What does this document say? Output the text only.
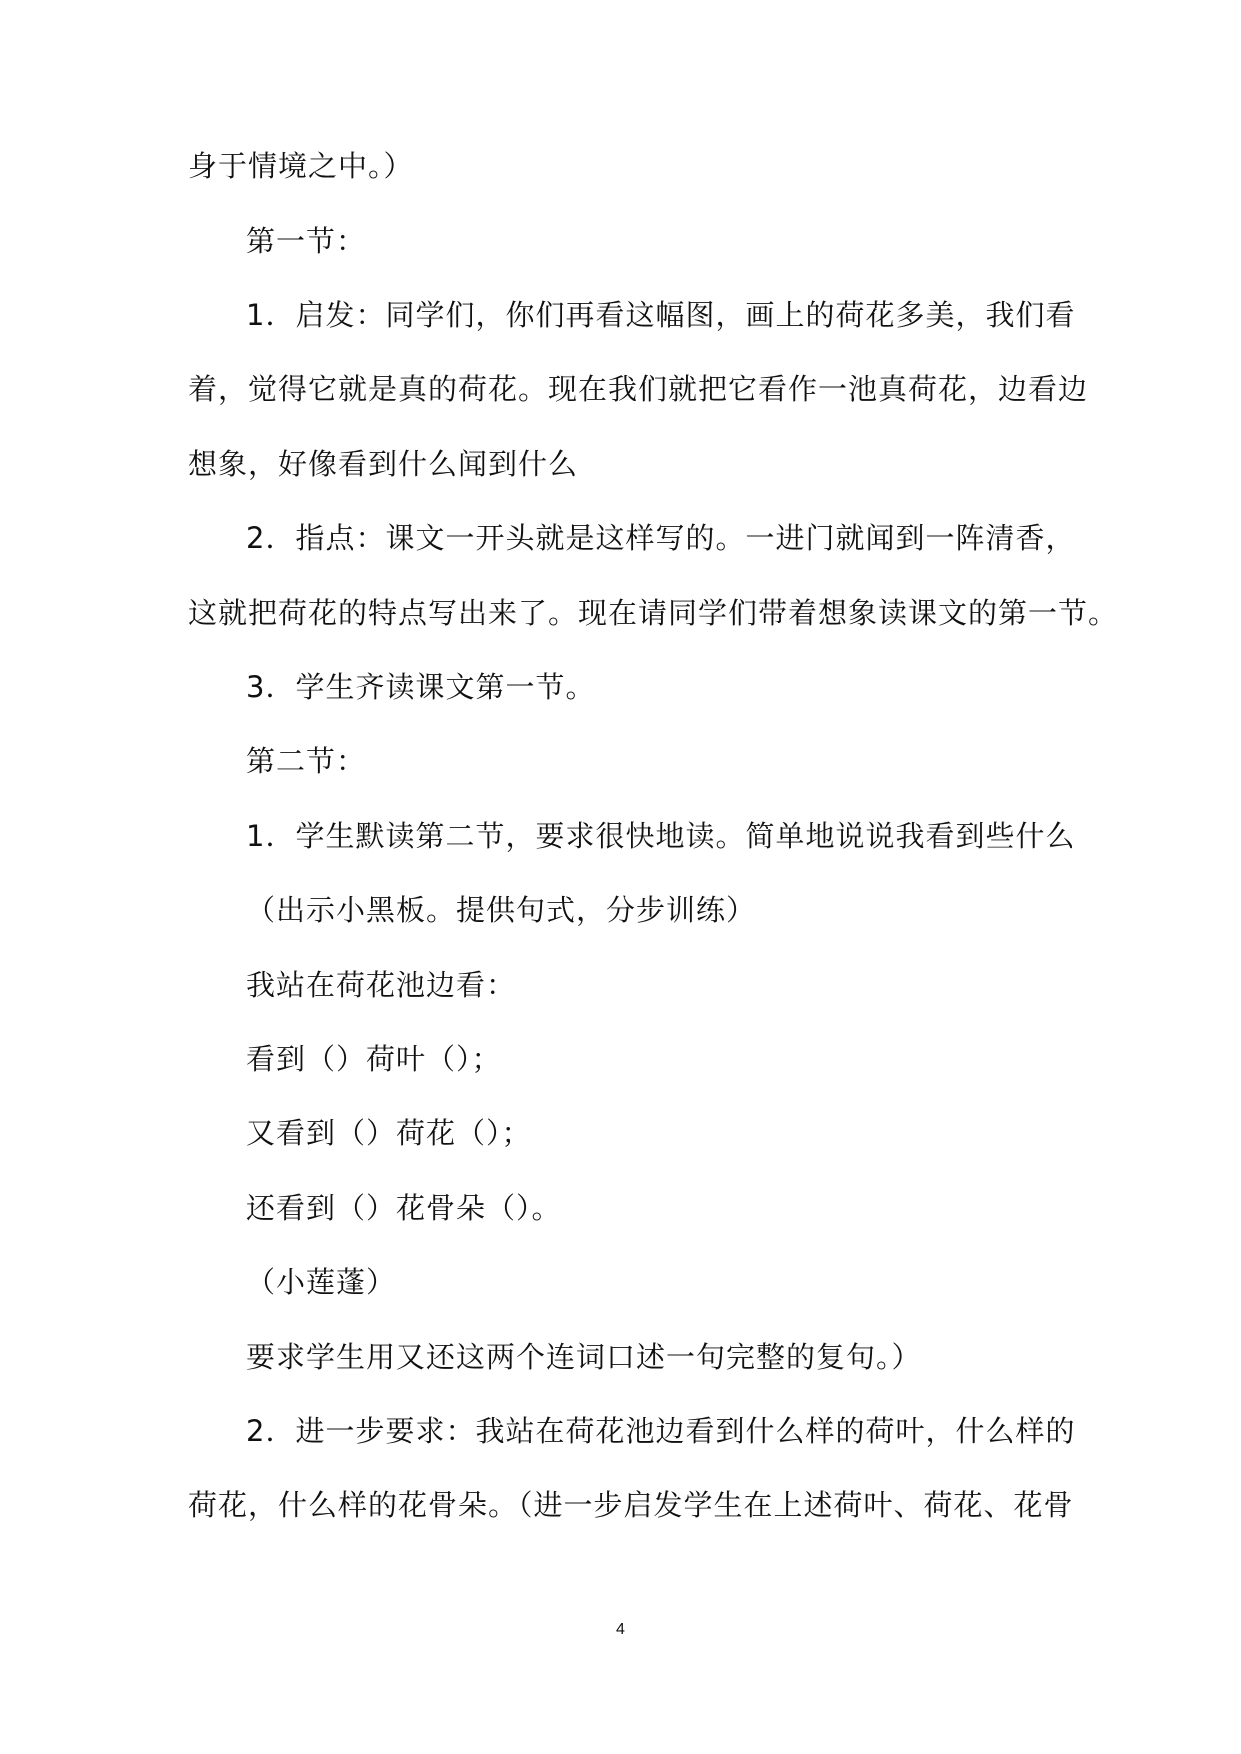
身于情境之中。）
第一节：
1．启发：同学们，你们再看这幅图，画上的荷花多美，我们看
着，觉得它就是真的荷花。现在我们就把它看作一池真荷花，边看边
想象，好像看到什么闻到什么
2．指点：课文一开头就是这样写的。一进门就闻到一阵清香，
这就把荷花的特点写出来了。现在请同学们带着想象读课文的第一节。
3．学生齐读课文第一节。
第二节：
1．学生默读第二节，要求很快地读。简单地说说我看到些什么
（出示小黑板。提供句式，分步训练）
我站在荷花池边看：
看到（）荷叶（）；
又看到（）荷花（）；
还看到（）花骨朵（）。
（小莲蓬）
要求学生用又还这两个连词口述一句完整的复句。）
2．进一步要求：我站在荷花池边看到什么样的荷叶，什么样的
荷花，什么样的花骨朵。（进一步启发学生在上述荷叶、荷花、花骨
4
